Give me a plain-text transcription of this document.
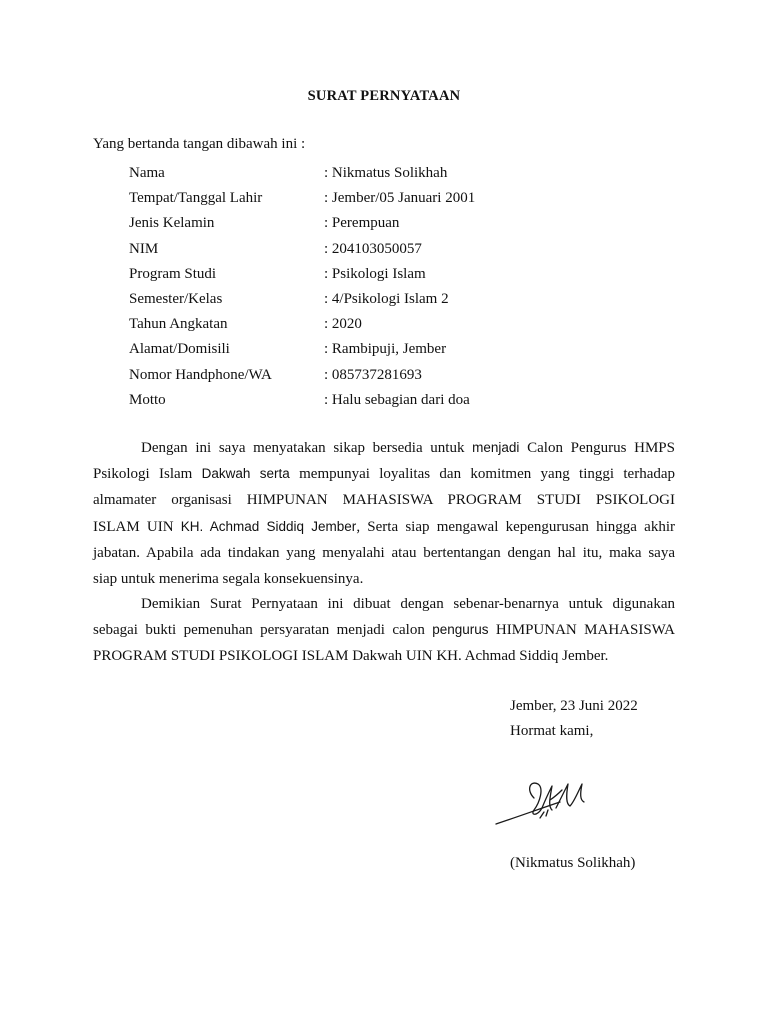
SURAT PERNYATAAN
Yang bertanda tangan dibawah ini :
Nama	: Nikmatus Solikhah
Tempat/Tanggal Lahir	: Jember/05 Januari 2001
Jenis Kelamin	: Perempuan
NIM	: 204103050057
Program Studi	: Psikologi Islam
Semester/Kelas	: 4/Psikologi Islam 2
Tahun Angkatan	: 2020
Alamat/Domisili	: Rambipuji, Jember
Nomor Handphone/WA	: 085737281693
Motto	: Halu sebagian dari doa
Dengan ini saya menyatakan sikap bersedia untuk menjadi Calon Pengurus HMPS
Psikologi Islam Dakwah serta mempunyai loyalitas dan komitmen yang tinggi terhadap
almamater organisasi HIMPUNAN MAHASISWA PROGRAM STUDI PSIKOLOGI
ISLAM UIN KH. Achmad Siddiq Jember, Serta siap mengawal kepengurusan hingga akhir
jabatan. Apabila ada tindakan yang menyalahi atau bertentangan dengan hal itu, maka saya
siap untuk menerima segala konsekuensinya.
Demikian Surat Pernyataan ini dibuat dengan sebenar-benarnya untuk digunakan
sebagai bukti pemenuhan persyaratan menjadi calon pengurus HIMPUNAN MAHASISWA
PROGRAM STUDI PSIKOLOGI ISLAM Dakwah UIN KH. Achmad Siddiq Jember.
Jember, 23 Juni 2022
Hormat kami,
(Nikmatus Solikhah)
